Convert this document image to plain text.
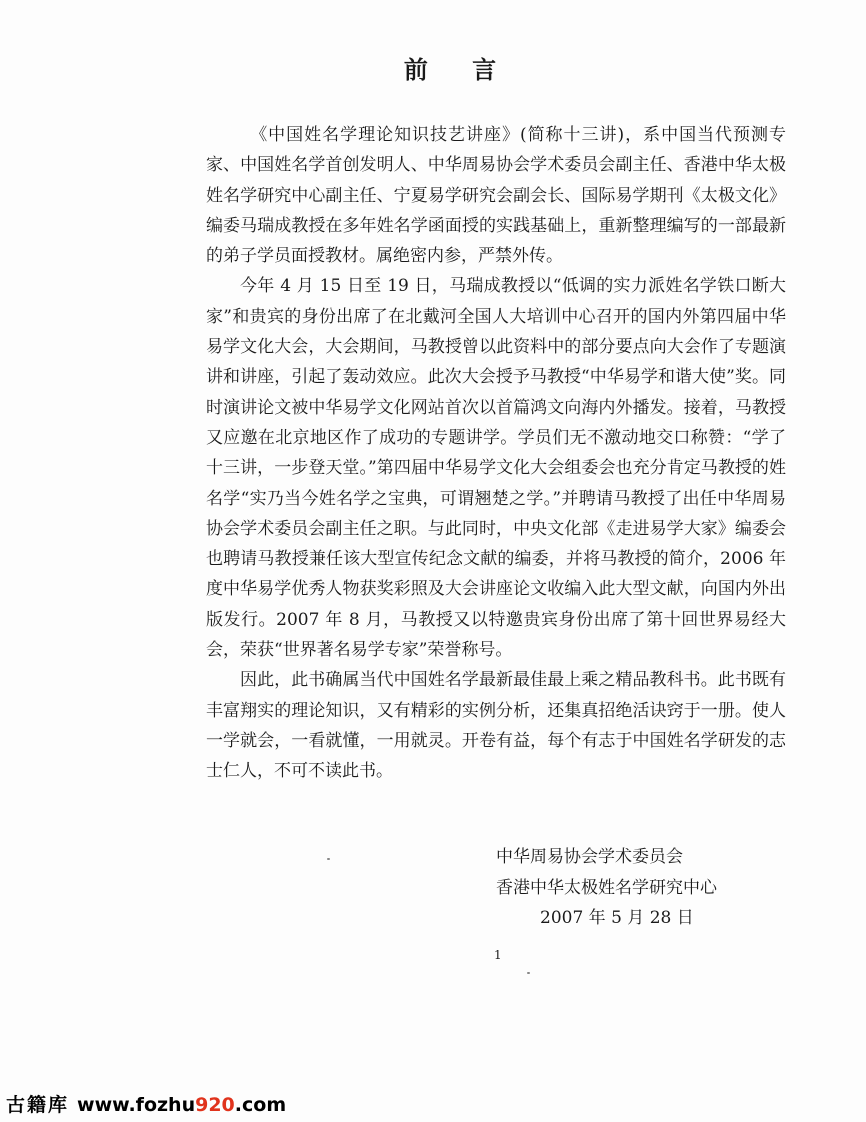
前 言

《中国姓名学理论知识技艺讲座》(简称十三讲)，系中国当代预测专家、中国姓名学首创发明人、中华周易协会学术委员会副主任、香港中华太极姓名学研究中心副主任、宁夏易学研究会副会长、国际易学期刊《太极文化》编委马瑞成教授在多年姓名学函面授的实践基础上，重新整理编写的一部最新的弟子学员面授教材。属绝密内参，严禁外传。

今年 4 月 15 日至 19 日，马瑞成教授以“低调的实力派姓名学铁口断大家”和贵宾的身份出席了在北戴河全国人大培训中心召开的国内外第四届中华易学文化大会，大会期间，马教授曾以此资料中的部分要点向大会作了专题演讲和讲座，引起了轰动效应。此次大会授予马教授“中华易学和谐大使”奖。同时演讲论文被中华易学文化网站首次以首篇鸿文向海内外播发。接着，马教授又应邀在北京地区作了成功的专题讲学。学员们无不激动地交口称赞：“学了十三讲，一步登天堂。”第四届中华易学文化大会组委会也充分肯定马教授的姓名学“实乃当今姓名学之宝典，可谓翘楚之学。”并聘请马教授了出任中华周易协会学术委员会副主任之职。与此同时，中央文化部《走进易学大家》编委会也聘请马教授兼任该大型宣传纪念文献的编委，并将马教授的简介，2006 年度中华易学优秀人物获奖彩照及大会讲座论文收编入此大型文献，向国内外出版发行。2007 年 8 月，马教授又以特邀贵宾身份出席了第十回世界易经大会，荣获“世界著名易学专家”荣誉称号。

因此，此书确属当代中国姓名学最新最佳最上乘之精品教科书。此书既有丰富翔实的理论知识，又有精彩的实例分析，还集真招绝活诀窍于一册。使人一学就会，一看就懂，一用就灵。开卷有益，每个有志于中国姓名学研发的志士仁人，不可不读此书。

中华周易协会学术委员会
香港中华太极姓名学研究中心
2007 年 5 月 28 日
1
古籍库 www.fozhu920.com
